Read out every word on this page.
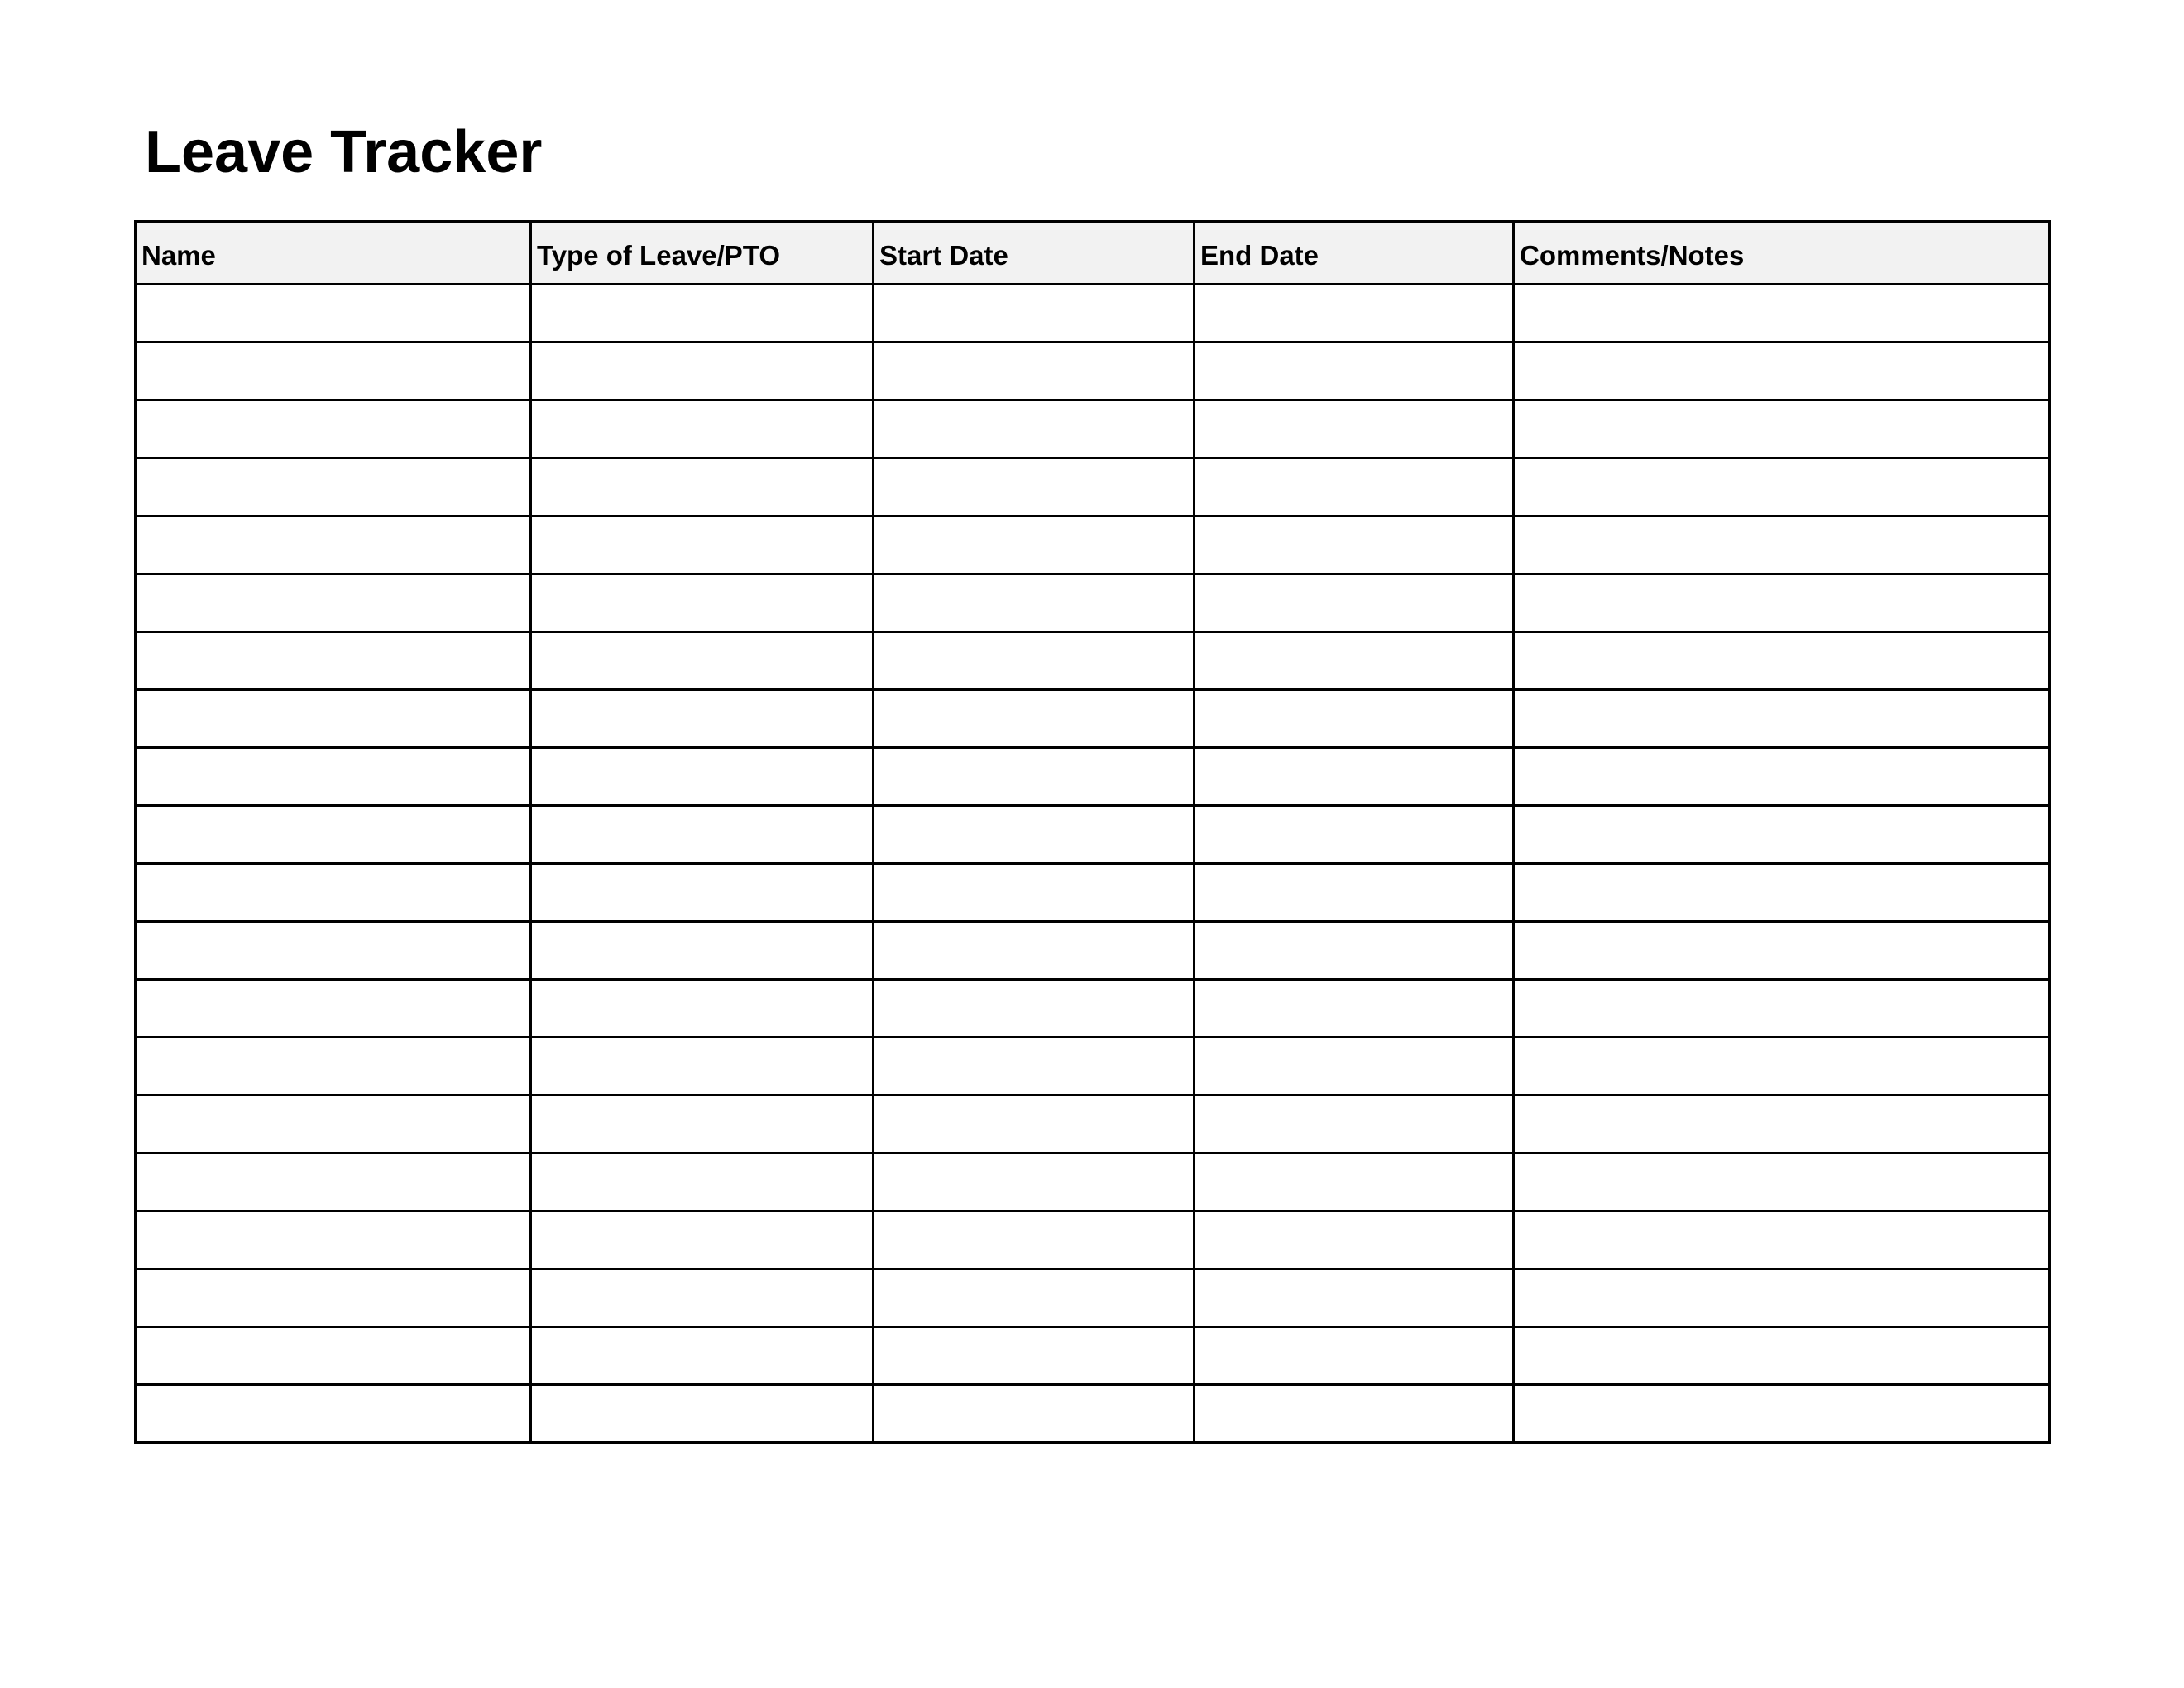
Leave Tracker
Name	Type of Leave/PTO	Start Date	End Date	Comments/Notes
